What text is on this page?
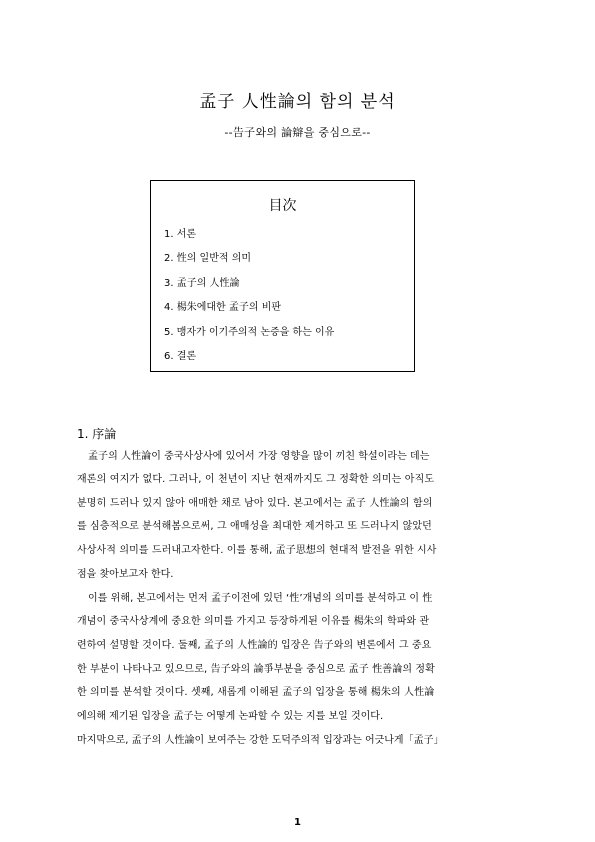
孟子 人性論의 함의 분석
--告子와의 論辯을 중심으로--
目次
1. 서론
2. 性의 일반적 의미
3. 孟子의 人性論
4. 楊朱에대한 孟子의 비판
5. 맹자가 이기주의적 논증을 하는 이유
6. 결론
1. 序論
孟子의 人性論이 중국사상사에 있어서 가장 영향을 많이 끼친 학설이라는 데는
재론의 여지가 없다. 그러나, 이 천년이 지난 현재까지도 그 정확한 의미는 아직도
분명히 드러나 있지 않아 애매한 채로 남아 있다. 본고에서는 孟子 人性論의 함의
를 심층적으로 분석해봄으로써, 그 애매성을 최대한 제거하고 또 드러나지 않았던
사상사적 의미를 드러내고자한다. 이를 통해, 孟子思想의 현대적 발전을 위한 시사
점을 찾아보고자 한다.
이를 위해, 본고에서는 먼저 孟子이전에 있던 ‘性’개념의 의미를 분석하고 이 性
개념이 중국사상계에 중요한 의미를 가지고 등장하게된 이유를 楊朱의 학파와 관
련하여 설명할 것이다. 둘째, 孟子의 人性論的 입장은 告子와의 변론에서 그 중요
한 부분이 나타나고 있으므로, 告子와의 論爭부분을 중심으로 孟子 性善論의 정확
한 의미를 분석할 것이다. 셋째, 새롭게 이해된 孟子의 입장을 통해 楊朱의 人性論
에의해 제기된 입장을 孟子는 어떻게 논파할 수 있는 지를 보일 것이다.
마지막으로, 孟子의 人性論이 보여주는 강한 도덕주의적 입장과는 어긋나게「孟子」
1
